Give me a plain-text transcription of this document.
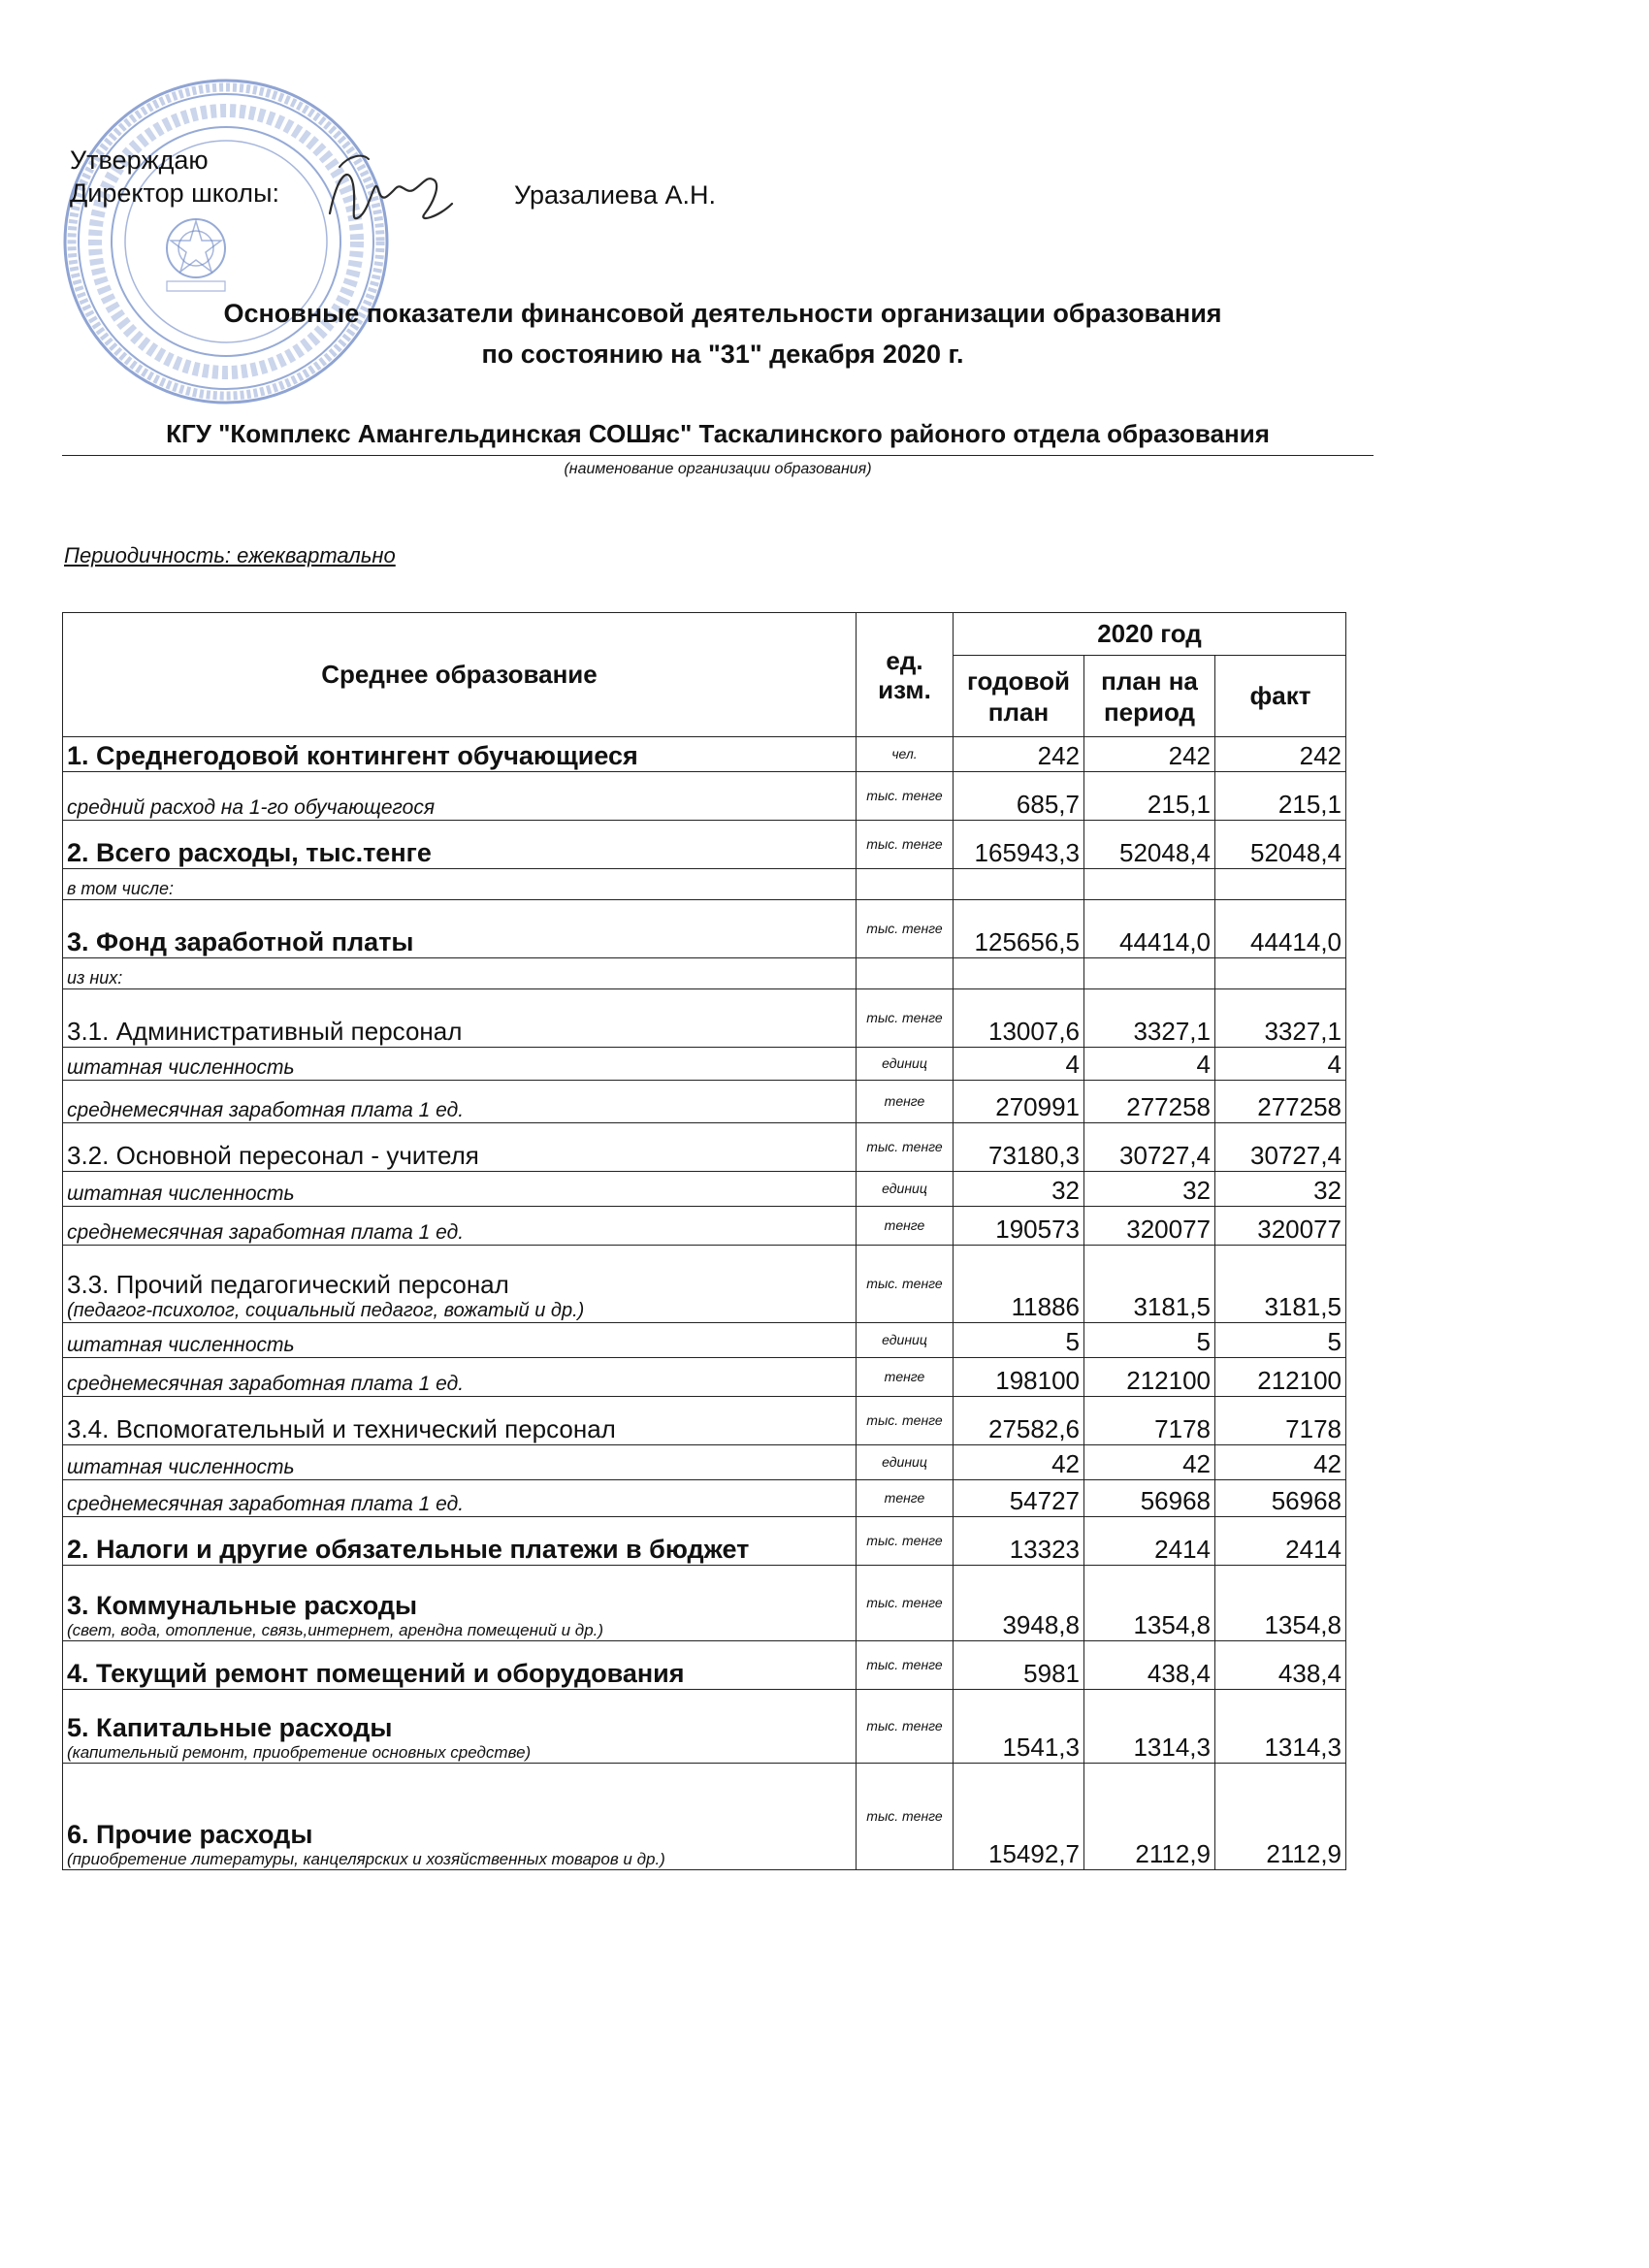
Утверждаю
Директор школы:	Уразалиева А.Н.
Основные показатели финансовой деятельности организации образования
по состоянию на "31" декабря 2020 г.
КГУ "Комплекс Амангельдинская СОШяс" Таскалинского районого отдела образования
(наименование организации образования)
Периодичность: ежеквартально
Среднее образование	ед. изм.	2020 год		
		годовой план	план на период	факт
1. Среднегодовой контингент обучающиеся	чел.	242	242	242
средний расход на 1-го обучающегося	тыс. тенге	685,7	215,1	215,1
2. Всего расходы, тыс.тенге	тыс. тенге	165943,3	52048,4	52048,4
в том числе:				
3. Фонд заработной платы	тыс. тенге	125656,5	44414,0	44414,0
из них:				
3.1. Административный персонал	тыс. тенге	13007,6	3327,1	3327,1
штатная численность	единиц	4	4	4
среднемесячная заработная плата 1 ед.	тенге	270991	277258	277258
3.2. Основной пересонал - учителя	тыс. тенге	73180,3	30727,4	30727,4
штатная численность	единиц	32	32	32
среднемесячная заработная плата 1 ед.	тенге	190573	320077	320077
3.3. Прочий педагогический персонал
(педагог-психолог, социальный педагог, вожатый и др.)	тыс. тенге	11886	3181,5	3181,5
штатная численность	единиц	5	5	5
среднемесячная заработная плата 1 ед.	тенге	198100	212100	212100
3.4. Вспомогательный и технический персонал	тыс. тенге	27582,6	7178	7178
штатная численность	единиц	42	42	42
среднемесячная заработная плата 1 ед.	тенге	54727	56968	56968
2. Налоги и другие обязательные платежи в бюджет	тыс. тенге	13323	2414	2414
3. Коммунальные расходы
(свет, вода, отопление, связь,интернет, арендна помещений и др.)	тыс. тенге	3948,8	1354,8	1354,8
4. Текущий ремонт помещений и оборудования	тыс. тенге	5981	438,4	438,4
5. Капитальные расходы
(капительный ремонт, приобретение основных средстве)	тыс. тенге	1541,3	1314,3	1314,3
6. Прочие расходы
(приобретение литературы, канцелярских и хозяйственных товаров и др.)	тыс. тенге	15492,7	2112,9	2112,9
